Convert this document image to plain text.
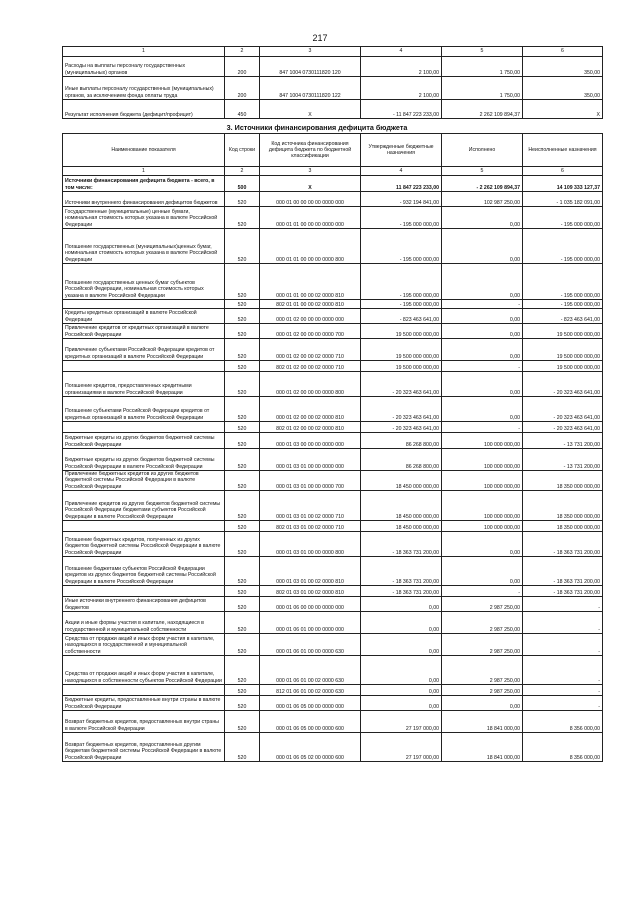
217
1	2	3	4	5	6
Расходы на выплаты персоналу государственных (муниципальных) органов	200	847 1004 0730111820 120	2 100,00	1 750,00	350,00
Иные выплаты персоналу государственных (муниципальных) органов, за исключением фонда оплаты труда	200	847 1004 0730111820 122	2 100,00	1 750,00	350,00
Результат исполнения бюджета (дефицит/профицит)	450	Х	- 11 847 223 233,00	2 262 109 894,37	Х
3. Источники финансирования дефицита бюджета
Наименование показателя	Код строки	Код источника финансирования дефицита бюджета по бюджетной классификации	Утвержденные бюджетные назначения	Исполнено	Неисполненные назначения
1	2	3	4	5	6
Источники финансирования дефицита бюджета - всего, в том числе:	500	Х	11 847 223 233,00	- 2 262 109 894,37	14 109 333 127,37
Источники внутреннего финансирования дефицитов бюджетов	520	000 01 00 00 00 00 0000 000	- 932 194 841,00	102 987 250,00	- 1 035 182 091,00
Государственные (муниципальные) ценные бумаги, номинальная стоимость которых указана в валюте Российской Федерации	520	000 01 01 00 00 00 0000 000	- 195 000 000,00	0,00	- 195 000 000,00
Погашение государственных (муниципальных)ценных бумаг, номинальная стоимость которых указана в валюте Российской Федерации	520	000 01 01 00 00 00 0000 800	- 195 000 000,00	0,00	- 195 000 000,00
Погашение государственных ценных бумаг субъектов Российской Федерации, номинальная стоимость которых указана в валюте Российской Федерации	520	000 01 01 00 00 02 0000 810	- 195 000 000,00	0,00	- 195 000 000,00
	520	802 01 01 00 00 02 0000 810	- 195 000 000,00	-	- 195 000 000,00
Кредиты кредитных организаций в валюте Российской Федерации	520	000 01 02 00 00 00 0000 000	- 823 463 641,00	0,00	- 823 463 641,00
Привлечение кредитов от кредитных организаций в валюте Российской Федерации	520	000 01 02 00 00 00 0000 700	19 500 000 000,00	0,00	19 500 000 000,00
Привлечение субъектами Российской Федерации кредитов от кредитных организаций в валюте Российской Федерации	520	000 01 02 00 00 02 0000 710	19 500 000 000,00	0,00	19 500 000 000,00
	520	802 01 02 00 00 02 0000 710	19 500 000 000,00	-	19 500 000 000,00
Погашение кредитов, предоставленных кредитными организациями в валюте Российской Федерации	520	000 01 02 00 00 00 0000 800	- 20 323 463 641,00	0,00	- 20 323 463 641,00
Погашение субъектами Российской Федерации кредитов от кредитных организаций в валюте Российской Федерации	520	000 01 02 00 00 02 0000 810	- 20 323 463 641,00	0,00	- 20 323 463 641,00
	520	802 01 02 00 00 02 0000 810	- 20 323 463 641,00	-	- 20 323 463 641,00
Бюджетные кредиты из других бюджетов бюджетной системы Российской Федерации	520	000 01 03 00 00 00 0000 000	86 268 800,00	100 000 000,00	- 13 731 200,00
Бюджетные кредиты из других бюджетов бюджетной системы Российской Федерации в валюте Российской Федерации	520	000 01 03 01 00 00 0000 000	86 268 800,00	100 000 000,00	- 13 731 200,00
Привлечение бюджетных кредитов из других бюджетов бюджетной системы Российской Федерации в валюте Российской Федерации	520	000 01 03 01 00 00 0000 700	18 450 000 000,00	100 000 000,00	18 350 000 000,00
Привлечение кредитов из других бюджетов бюджетной системы Российской Федерации бюджетами субъектов Российской Федерации в валюте Российской Федерации	520	000 01 03 01 00 02 0000 710	18 450 000 000,00	100 000 000,00	18 350 000 000,00
	520	802 01 03 01 00 02 0000 710	18 450 000 000,00	100 000 000,00	18 350 000 000,00
Погашение бюджетных кредитов, полученных из других бюджетов бюджетной системы Российской Федерации в валюте Российской Федерации	520	000 01 03 01 00 00 0000 800	- 18 363 731 200,00	0,00	- 18 363 731 200,00
Погашение бюджетами субъектов Российской Федерации кредитов из других бюджетов бюджетной системы Российской Федерации в валюте Российской Федерации	520	000 01 03 01 00 02 0000 810	- 18 363 731 200,00	0,00	- 18 363 731 200,00
	520	802 01 03 01 00 02 0000 810	- 18 363 731 200,00	-	- 18 363 731 200,00
Иные источники внутреннего финансирования дефицитов бюджетов	520	000 01 06 00 00 00 0000 000	0,00	2 987 250,00	-
Акции и иные формы участия в капитале, находящиеся в государственной и муниципальной собственности	520	000 01 06 01 00 00 0000 000	0,00	2 987 250,00	-
Средства от продажи акций и иных форм участия в капитале, находящихся в государственной и муниципальной собственности	520	000 01 06 01 00 00 0000 630	0,00	2 987 250,00	-
Средства от продажи акций и иных форм участия в капитале, находящихся в собственности субъектов Российской Федерации	520	000 01 06 01 00 02 0000 630	0,00	2 987 250,00	-
	520	812 01 06 01 00 02 0000 630	0,00	2 987 250,00	-
Бюджетные кредиты, предоставленные внутри страны в валюте Российской Федерации	520	000 01 06 05 00 00 0000 000	0,00	0,00	-
Возврат бюджетных кредитов, предоставленных внутри страны в валюте Российской Федерации	520	000 01 06 05 00 00 0000 600	27 197 000,00	18 841 000,00	8 356 000,00
Возврат бюджетных кредитов, предоставленных другим бюджетам бюджетной системы Российской Федерации в валюте Российской Федерации	520	000 01 06 05 02 00 0000 600	27 197 000,00	18 841 000,00	8 356 000,00
